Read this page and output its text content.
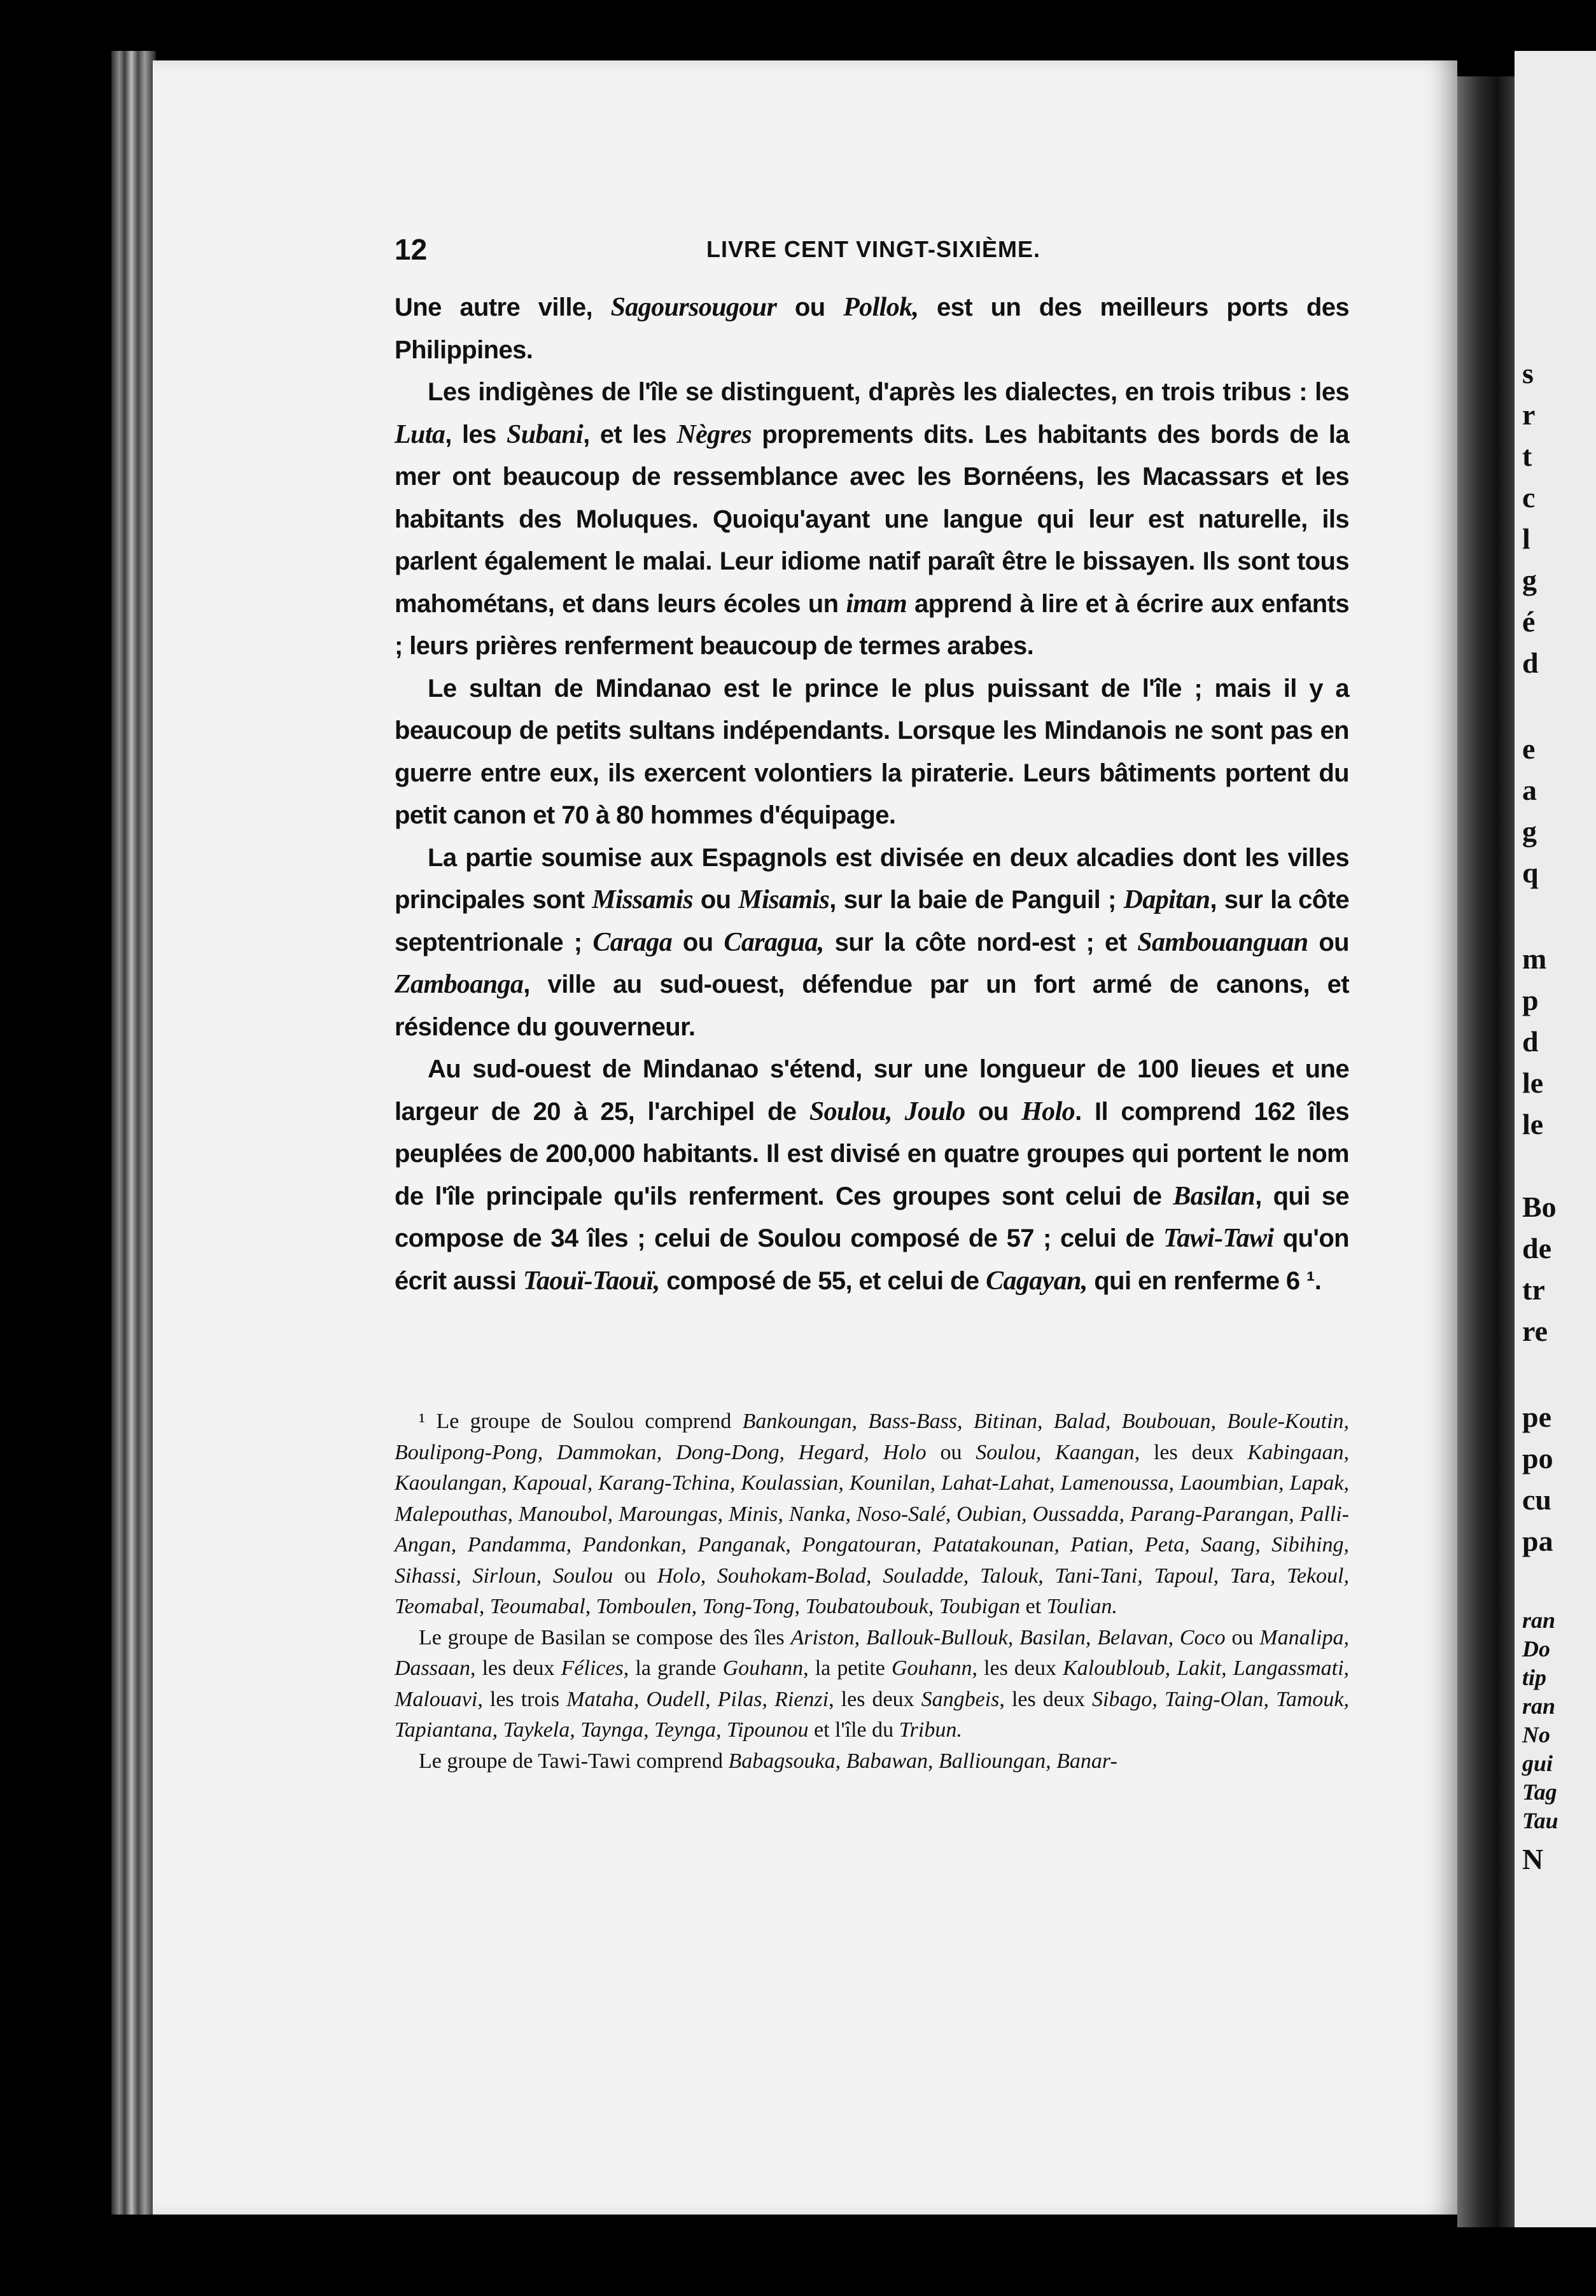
s
r
t
c
l
g
é
d
e
a
g
q
m
p
d
le
le
Bo
de
tr
re
pe
po
cu
pa
ran
Do
tip
ran
No
gui
Tag
Tau
N
12	LIVRE CENT VINGT-SIXIÈME.

Une autre ville, Sagoursougour ou Pollok, est un des meilleurs ports des Philippines.

Les indigènes de l'île se distinguent, d'après les dialectes, en trois tribus : les Luta, les Subani, et les Nègres proprements dits. Les habitants des bords de la mer ont beaucoup de ressemblance avec les Bornéens, les Macassars et les habitants des Moluques. Quoiqu'ayant une langue qui leur est naturelle, ils parlent également le malai. Leur idiome natif paraît être le bissayen. Ils sont tous mahométans, et dans leurs écoles un imam apprend à lire et à écrire aux enfants ; leurs prières renferment beaucoup de termes arabes.

Le sultan de Mindanao est le prince le plus puissant de l'île ; mais il y a beaucoup de petits sultans indépendants. Lorsque les Mindanois ne sont pas en guerre entre eux, ils exercent volontiers la piraterie. Leurs bâtiments portent du petit canon et 70 à 80 hommes d'équipage.

La partie soumise aux Espagnols est divisée en deux alcadies dont les villes principales sont Missamis ou Misamis, sur la baie de Panguil ; Dapitan, sur la côte septentrionale ; Caraga ou Caragua, sur la côte nord-est ; et Sambouanguan ou Zamboanga, ville au sud-ouest, défendue par un fort armé de canons, et résidence du gouverneur.

Au sud-ouest de Mindanao s'étend, sur une longueur de 100 lieues et une largeur de 20 à 25, l'archipel de Soulou, Joulo ou Holo. Il comprend 162 îles peuplées de 200,000 habitants. Il est divisé en quatre groupes qui portent le nom de l'île principale qu'ils renferment. Ces groupes sont celui de Basilan, qui se compose de 34 îles ; celui de Soulou composé de 57 ; celui de Tawi-Tawi qu'on écrit aussi Taouï-Taouï, composé de 55, et celui de Cagayan, qui en renferme 6 ¹.

¹ Le groupe de Soulou comprend Bankoungan, Bass-Bass, Bitinan, Balad, Boubouan, Boule-Koutin, Boulipong-Pong, Dammokan, Dong-Dong, Hegard, Holo ou Soulou, Kaangan, les deux Kabingaan, Kaoulangan, Kapoual, Karang-Tchina, Koulassian, Kounilan, Lahat-Lahat, Lamenoussa, Laoumbian, Lapak, Malepouthas, Manoubol, Maroungas, Minis, Nanka, Noso-Salé, Oubian, Oussadda, Parang-Parangan, Palli-Angan, Pandamma, Pandonkan, Panganak, Pongatouran, Patatakounan, Patian, Peta, Saang, Sibihing, Sihassi, Sirloun, Soulou ou Holo, Souhokam-Bolad, Souladde, Talouk, Tani-Tani, Tapoul, Tara, Tekoul, Teomabal, Teoumabal, Tomboulen, Tong-Tong, Toubatoubouk, Toubigan et Toulian.

Le groupe de Basilan se compose des îles Ariston, Ballouk-Bullouk, Basilan, Belavan, Coco ou Manalipa, Dassaan, les deux Félices, la grande Gouhann, la petite Gouhann, les deux Kaloubloub, Lakit, Langassmati, Malouavi, les trois Mataha, Oudell, Pilas, Rienzi, les deux Sangbeis, les deux Sibago, Taing-Olan, Tamouk, Tapiantana, Taykela, Taynga, Teynga, Tipounou et l'île du Tribun.

Le groupe de Tawi-Tawi comprend Babagsouka, Babawan, Ballioungan, Banar-
